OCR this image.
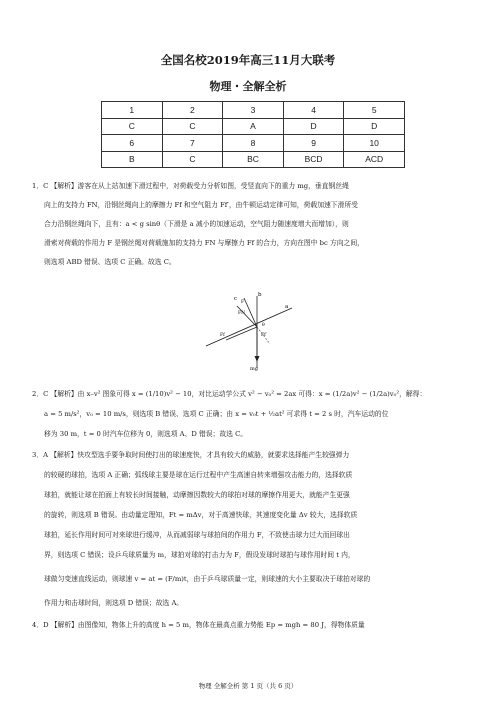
全国名校2019年高三11月大联考
物理・全解全析
1	2	3	4	5
C	C	A	D	D
6	7	8	9	10
B	C	BC	BCD	ACD
1．C 【解析】游客在从上站加速下滑过程中，对荷载受力分析如图，受竖直向下的重力 mg，垂直钢丝绳
向上的支持力 FN，沿钢丝绳向上的摩擦力 Ff 和空气阻力 Ff′，由牛顿运动定律可知，荷载加速下滑所受
合力沿钢丝绳向下，且有：a < g sinθ（下滑是 a 减小的加速运动，空气阻力随速度增大而增加），则
滑索对荷载的作用力 F 是钢丝绳对荷载施加的支持力 FN 与摩擦力 Ff 的合力，方向在图中 bc 方向之间，
则选项 ABD 错误、选项 C 正确。故选 C。
b
c
a
mg
FN
Ff	Ff′
θ
F
2．C 【解析】由 x–v² 图象可得 x = (1/10)v² − 10，对比运动学公式 v² − v₀² = 2ax 可得：x = (1/2a)v² − (1/2a)v₀²，解得：
a = 5 m/s²，v₀ = 10 m/s，则选项 B 错误、选项 C 正确；由 x = v₀t + ½at² 可求得 t = 2 s 时，汽车运动的位
移为 30 m，t = 0 时汽车位移为 0，则选项 A、D 错误；故选 C。
3．A 【解析】快攻型选手要争取时间使打出的球速度快，才具有较大的威胁，就要求选择能产生较强弹力
的较硬的球拍，选项 A 正确；弧线球主要是球在运行过程中产生高速自转来增强攻击能力的，选择软质
球拍，就能让球在拍面上有较长时间接触，动摩擦因数较大的球拍对球的摩擦作用更大，就能产生更强
的旋转，则选项 B 错误。由动量定理知，Ft = mΔv，对于高速快球，其速度变化量 Δv 较大，选择软质
球拍，延长作用时间可对来球进行缓冲，从而减弱球与球拍间的作用力 F，不致使击球力过大而回球出
界，则选项 C 错误；设乒乓球质量为 m，球拍对球的打击力为 F，假设发球时球拍与球作用时间 t 内，
球做匀变速直线运动，则球速 v = at = (F/m)t，由于乒乓球质量一定，则球速的大小主要取决于球拍对球的
作用力和击球时间，则选项 D 错误；故选 A。
4．D 【解析】由图像知，物体上升的高度 h = 5 m，物体在最高点重力势能 Ep = mgh = 80 J，得物体质量
物理 全解全析 第 1 页（共 6 页）
